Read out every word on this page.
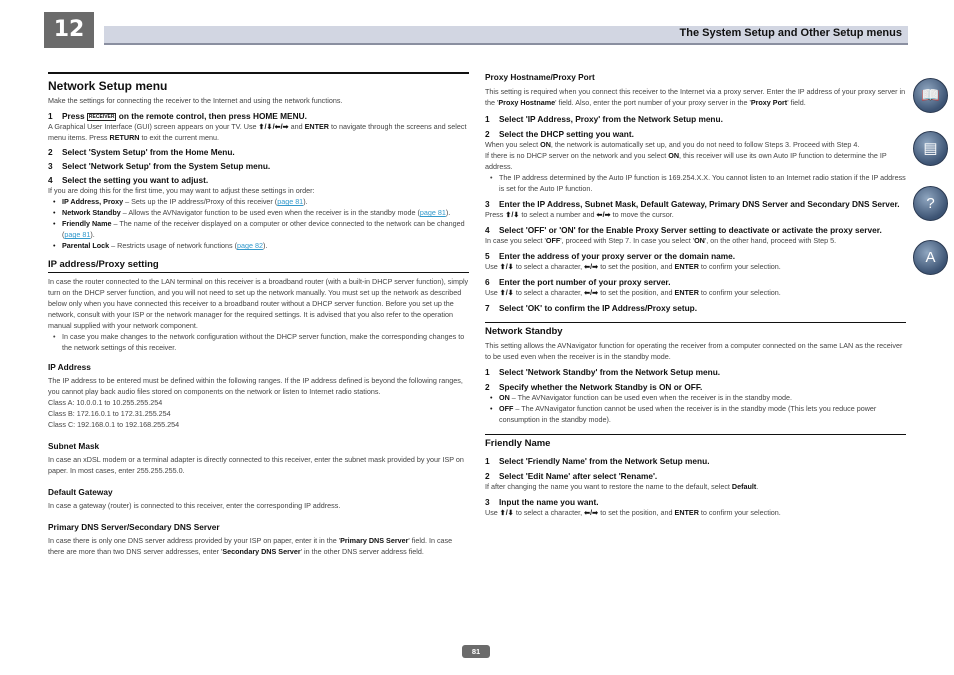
12	The System Setup and Other Setup menus
Network Setup menu
Make the settings for connecting the receiver to the Internet and using the network functions.
1 Press RECEIVER on the remote control, then press HOME MENU.
A Graphical User Interface (GUI) screen appears on your TV. Use ⬆/⬇/⬅/➡ and ENTER to navigate through the screens and select menu items. Press RETURN to exit the current menu.
2 Select 'System Setup' from the Home Menu.
3 Select 'Network Setup' from the System Setup menu.
4 Select the setting you want to adjust.
If you are doing this for the first time, you may want to adjust these settings in order:
• IP Address, Proxy – Sets up the IP address/Proxy of this receiver (page 81).
• Network Standby – Allows the AVNavigator function to be used even when the receiver is in the standby mode (page 81).
• Friendly Name – The name of the receiver displayed on a computer or other device connected to the network can be changed (page 81).
• Parental Lock – Restricts usage of network functions (page 82).
IP address/Proxy setting
In case the router connected to the LAN terminal on this receiver is a broadband router (with a built-in DHCP server function), simply turn on the DHCP server function, and you will not need to set up the network manually. You must set up the network as described below only when you have connected this receiver to a broadband router without a DHCP server function. Before you set up the network, consult with your ISP or the network manager for the required settings. It is advised that you also refer to the operation manual supplied with your network component.
• In case you make changes to the network configuration without the DHCP server function, make the corresponding changes to the network settings of this receiver.
IP Address
The IP address to be entered must be defined within the following ranges. If the IP address defined is beyond the following ranges, you cannot play back audio files stored on components on the network or listen to Internet radio stations.
Class A: 10.0.0.1 to 10.255.255.254
Class B: 172.16.0.1 to 172.31.255.254
Class C: 192.168.0.1 to 192.168.255.254
Subnet Mask
In case an xDSL modem or a terminal adapter is directly connected to this receiver, enter the subnet mask provided by your ISP on paper. In most cases, enter 255.255.255.0.
Default Gateway
In case a gateway (router) is connected to this receiver, enter the corresponding IP address.
Primary DNS Server/Secondary DNS Server
In case there is only one DNS server address provided by your ISP on paper, enter it in the 'Primary DNS Server' field. In case there are more than two DNS server addresses, enter 'Secondary DNS Server' in the other DNS server address field.
Proxy Hostname/Proxy Port
This setting is required when you connect this receiver to the Internet via a proxy server. Enter the IP address of your proxy server in the 'Proxy Hostname' field. Also, enter the port number of your proxy server in the 'Proxy Port' field.
1 Select 'IP Address, Proxy' from the Network Setup menu.
2 Select the DHCP setting you want.
When you select ON, the network is automatically set up, and you do not need to follow Steps 3. Proceed with Step 4.
If there is no DHCP server on the network and you select ON, this receiver will use its own Auto IP function to determine the IP address.
• The IP address determined by the Auto IP function is 169.254.X.X. You cannot listen to an Internet radio station if the IP address is set for the Auto IP function.
3 Enter the IP Address, Subnet Mask, Default Gateway, Primary DNS Server and Secondary DNS Server.
Press ⬆/⬇ to select a number and ⬅/➡ to move the cursor.
4 Select 'OFF' or 'ON' for the Enable Proxy Server setting to deactivate or activate the proxy server.
In case you select 'OFF', proceed with Step 7. In case you select 'ON', on the other hand, proceed with Step 5.
5 Enter the address of your proxy server or the domain name.
Use ⬆/⬇ to select a character, ⬅/➡ to set the position, and ENTER to confirm your selection.
6 Enter the port number of your proxy server.
Use ⬆/⬇ to select a character, ⬅/➡ to set the position, and ENTER to confirm your selection.
7 Select 'OK' to confirm the IP Address/Proxy setup.
Network Standby
This setting allows the AVNavigator function for operating the receiver from a computer connected on the same LAN as the receiver to be used even when the receiver is in the standby mode.
1 Select 'Network Standby' from the Network Setup menu.
2 Specify whether the Network Standby is ON or OFF.
• ON – The AVNavigator function can be used even when the receiver is in the standby mode.
• OFF – The AVNavigator function cannot be used when the receiver is in the standby mode (This lets you reduce power consumption in the standby mode).
Friendly Name
1 Select 'Friendly Name' from the Network Setup menu.
2 Select 'Edit Name' after select 'Rename'.
If after changing the name you want to restore the name to the default, select Default.
3 Input the name you want.
Use ⬆/⬇ to select a character, ⬅/➡ to set the position, and ENTER to confirm your selection.
📖
▤
?
A
81
